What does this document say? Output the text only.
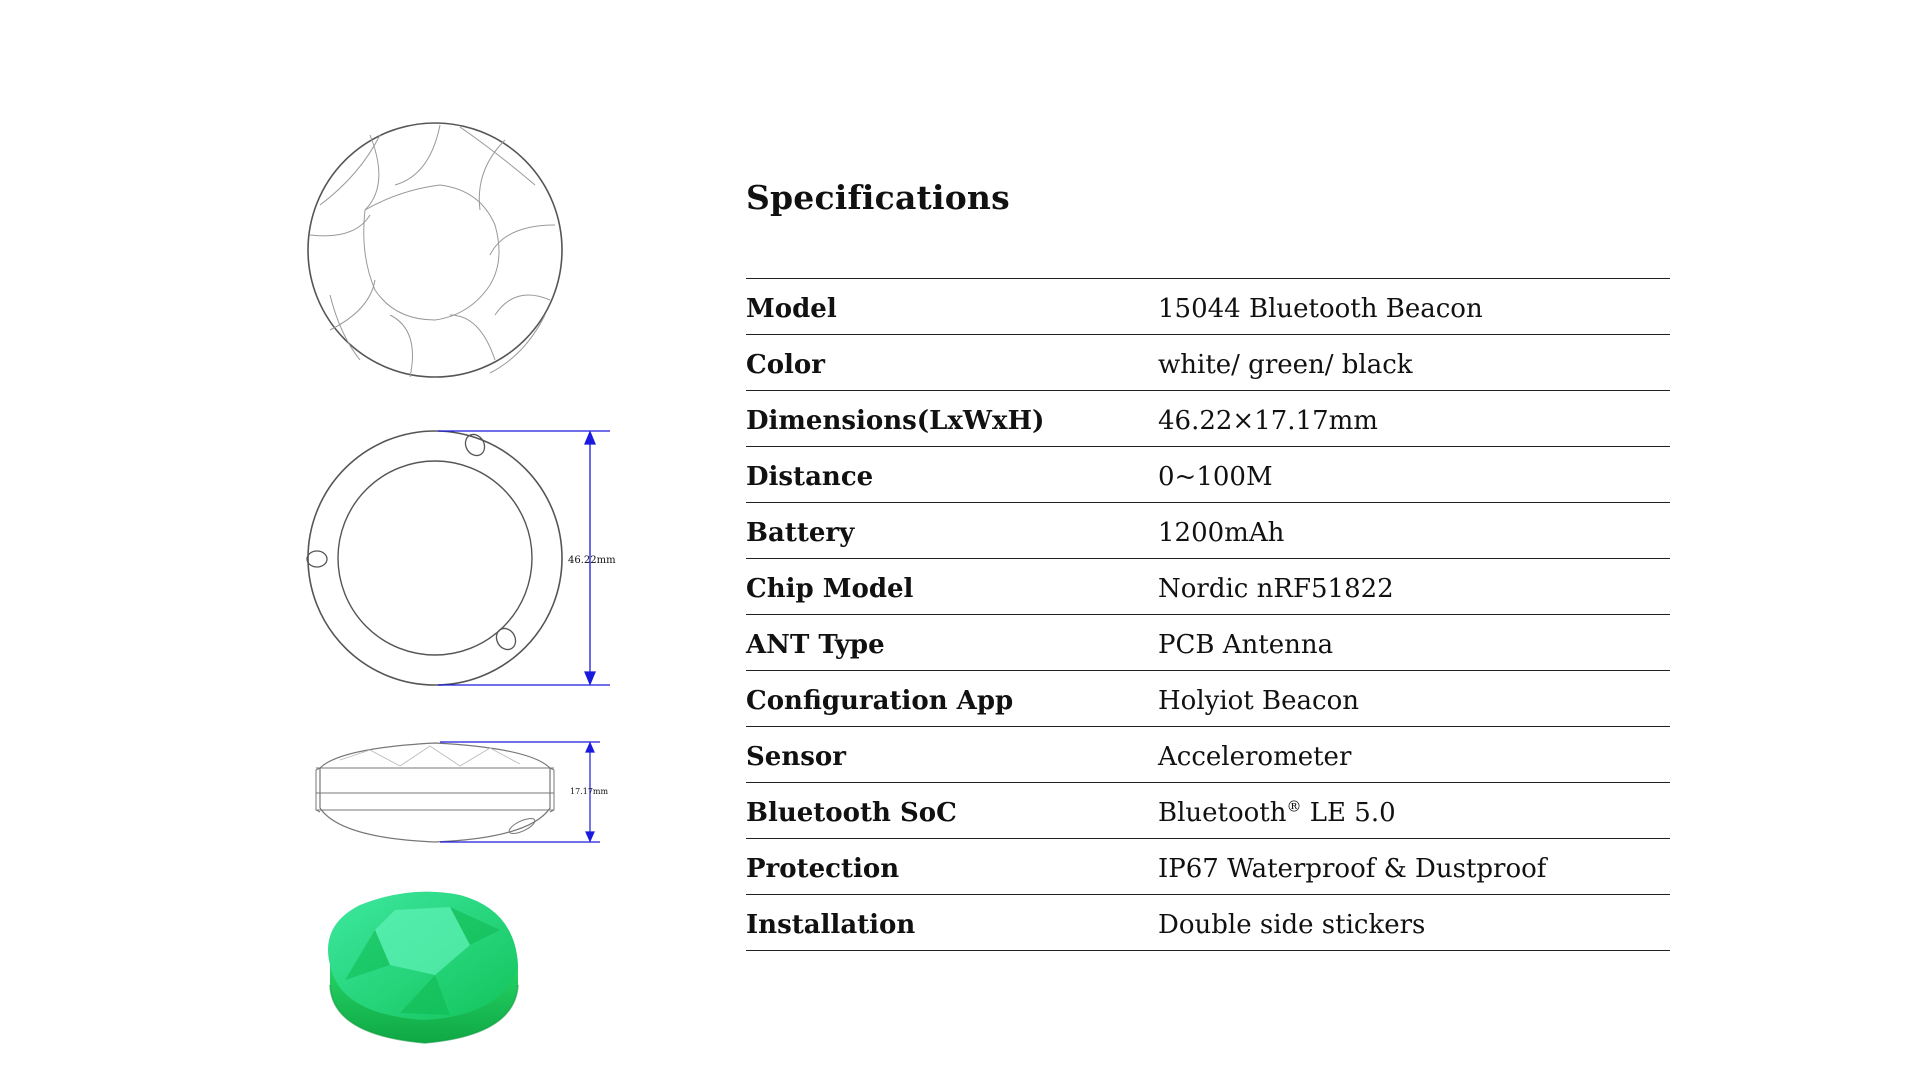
46.22mm
17.17mm
Specifications
Model	15044 Bluetooth Beacon
Color	white/ green/ black
Dimensions(LxWxH)	46.22×17.17mm
Distance	0~100M
Battery	1200mAh
Chip Model	Nordic nRF51822
ANT Type	PCB Antenna
Configuration App	Holyiot Beacon
Sensor	Accelerometer
Bluetooth SoC	Bluetooth® LE 5.0
Protection	IP67 Waterproof & Dustproof
Installation	Double side stickers
